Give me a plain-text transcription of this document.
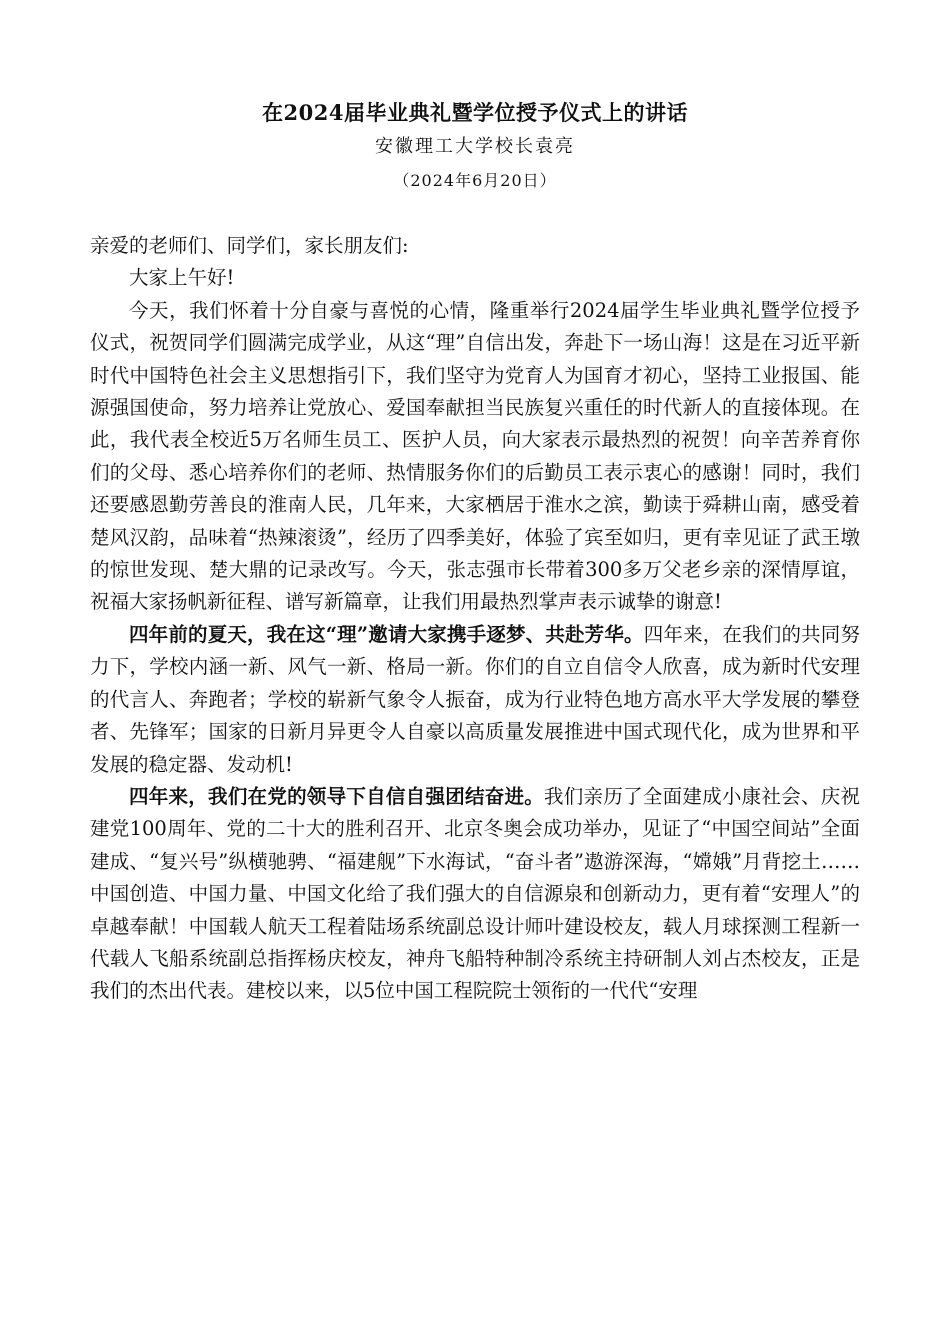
在2024届毕业典礼暨学位授予仪式上的讲话

安徽理工大学校长袁亮

（2024年6月20日）

亲爱的老师们、同学们，家长朋友们:

大家上午好!

今天，我们怀着十分自豪与喜悦的心情，隆重举行2024届学生毕业典礼暨学位授予仪式，祝贺同学们圆满完成学业，从这“理”自信出发，奔赴下一场山海！这是在习近平新时代中国特色社会主义思想指引下，我们坚守为党育人为国育才初心，坚持工业报国、能源强国使命，努力培养让党放心、爱国奉献担当民族复兴重任的时代新人的直接体现。在此，我代表全校近5万名师生员工、医护人员，向大家表示最热烈的祝贺！向辛苦养育你们的父母、悉心培养你们的老师、热情服务你们的后勤员工表示衷心的感谢！同时，我们还要感恩勤劳善良的淮南人民，几年来，大家栖居于淮水之滨，勤读于舜耕山南，感受着楚风汉韵，品味着“热辣滚烫”，经历了四季美好，体验了宾至如归，更有幸见证了武王墩的惊世发现、楚大鼎的记录改写。今天，张志强市长带着300多万父老乡亲的深情厚谊，祝福大家扬帆新征程、谱写新篇章，让我们用最热烈掌声表示诚挚的谢意!

四年前的夏天，我在这“理”邀请大家携手逐梦、共赴芳华。四年来，在我们的共同努力下，学校内涵一新、风气一新、格局一新。你们的自立自信令人欣喜，成为新时代安理的代言人、奔跑者；学校的崭新气象令人振奋，成为行业特色地方高水平大学发展的攀登者、先锋军；国家的日新月异更令人自豪以高质量发展推进中国式现代化，成为世界和平发展的稳定器、发动机!

四年来，我们在党的领导下自信自强团结奋进。我们亲历了全面建成小康社会、庆祝建党100周年、党的二十大的胜利召开、北京冬奥会成功举办，见证了“中国空间站”全面建成、“复兴号”纵横驰骋、“福建舰”下水海试，“奋斗者”遨游深海，“嫦娥”月背挖土……中国创造、中国力量、中国文化给了我们强大的自信源泉和创新动力，更有着“安理人”的卓越奉献！中国载人航天工程着陆场系统副总设计师叶建设校友，载人月球探测工程新一代载人飞船系统副总指挥杨庆校友，神舟飞船特种制冷系统主持研制人刘占杰校友，正是我们的杰出代表。建校以来，以5位中国工程院院士领衔的一代代“安理
